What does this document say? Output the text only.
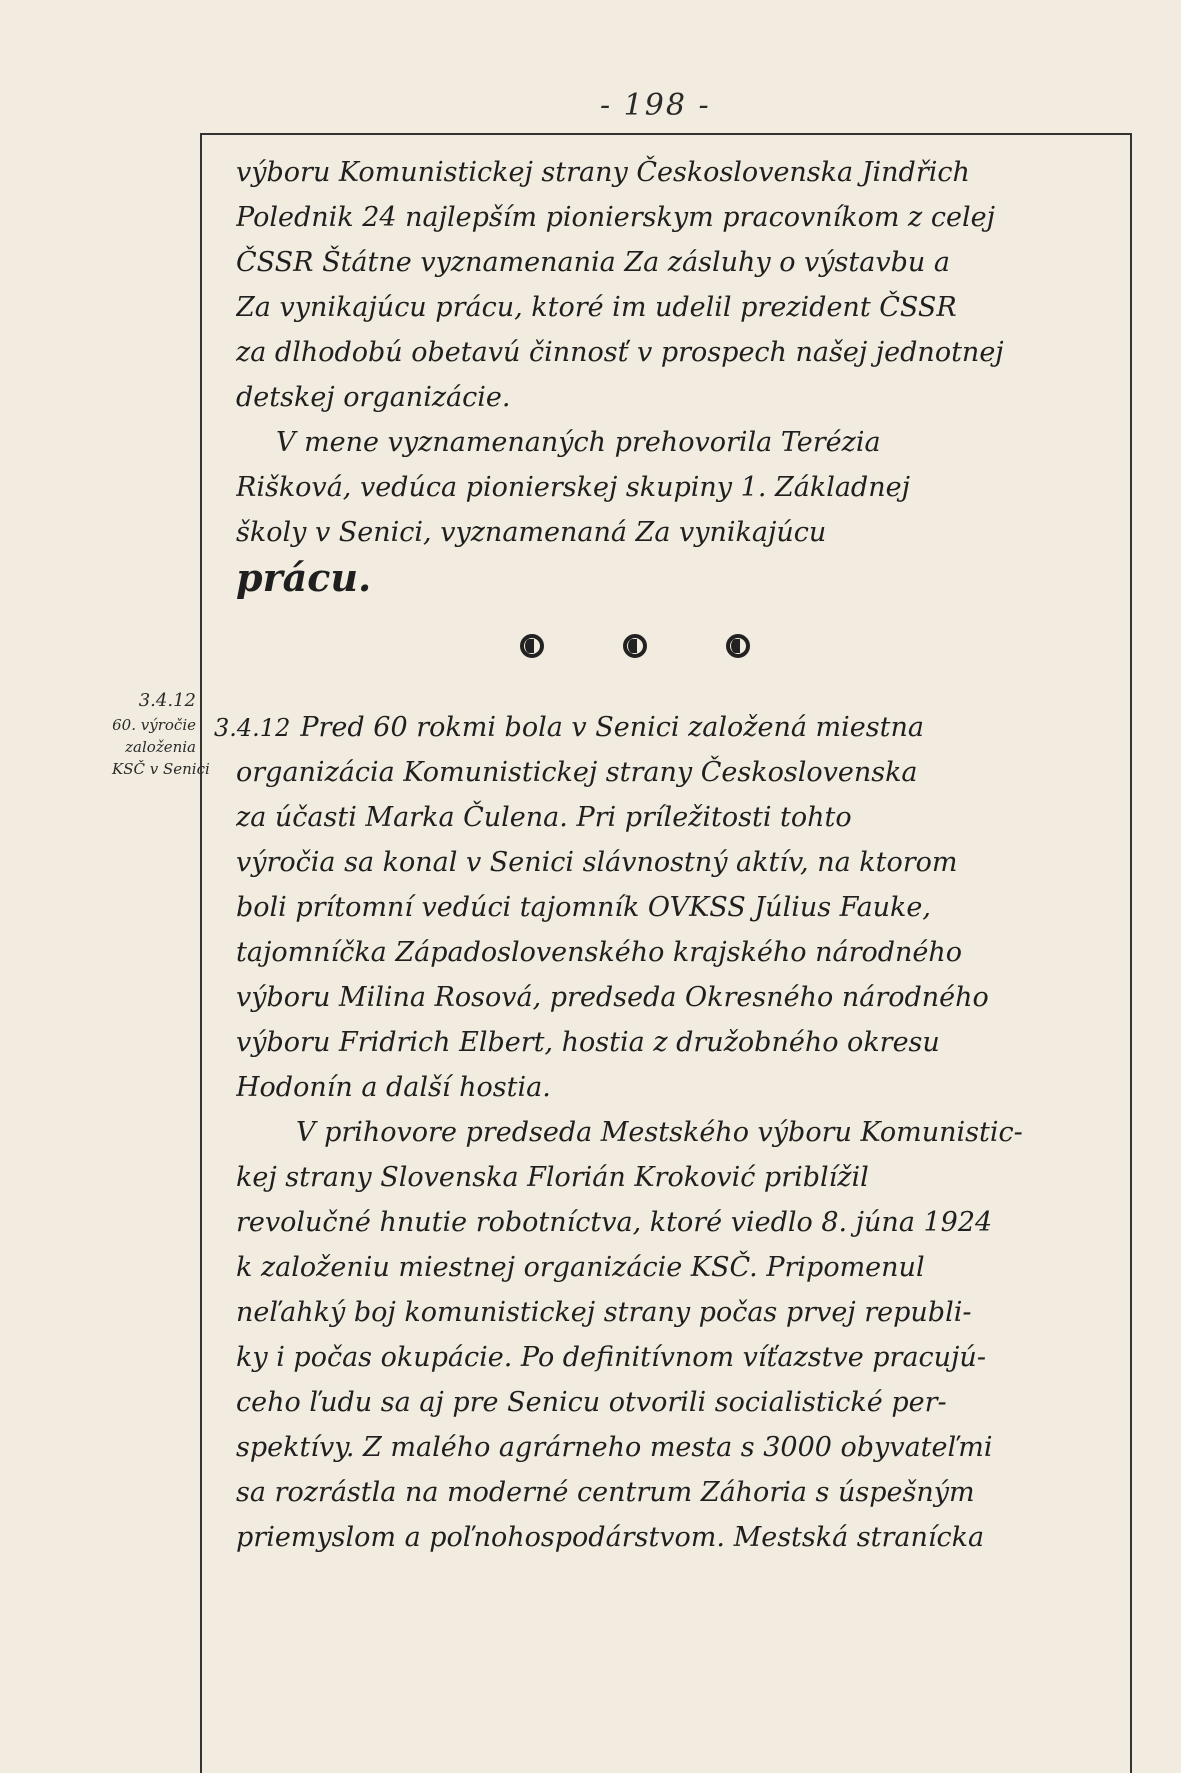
- 198 -
3.4.12
60. výročie
založenia
KSČ v Senici
výboru Komunistickej strany Československa Jindřich
Polednik 24 najlepším pionierskym pracovníkom z celej
ČSSR Štátne vyznamenania Za zásluhy o výstavbu a
Za vynikajúcu prácu, ktoré im udelil prezident ČSSR
za dlhodobú obetavú činnosť v prospech našej jednotnej
detskej organizácie.
V mene vyznamenaných prehovorila Terézia
Rišková, vedúca pionierskej skupiny 1. Základnej
školy v Senici, vyznamenaná Za vynikajúcu
prácu.
3.4.12 Pred 60 rokmi bola v Senici založená miestna
organizácia Komunistickej strany Československa
za účasti Marka Čulena. Pri príležitosti tohto
výročia sa konal v Senici slávnostný aktív, na ktorom
boli prítomní vedúci tajomník OVKSS Július Fauke,
tajomníčka Západoslovenského krajského národného
výboru Milina Rosová, predseda Okresného národného
výboru Fridrich Elbert, hostia z družobného okresu
Hodonín a další hostia.
V prihovore predseda Mestského výboru Komunistic-
kej strany Slovenska Florián Kroković priblížil
revolučné hnutie robotníctva, ktoré viedlo 8. júna 1924
k založeniu miestnej organizácie KSČ. Pripomenul
neľahký boj komunistickej strany počas prvej republi-
ky i počas okupácie. Po definitívnom víťazstve pracujú-
ceho ľudu sa aj pre Senicu otvorili socialistické per-
spektívy. Z malého agrárneho mesta s 3000 obyvateľmi
sa rozrástla na moderné centrum Záhoria s úspešným
priemyslom a poľnohospodárstvom. Mestská stranícka
